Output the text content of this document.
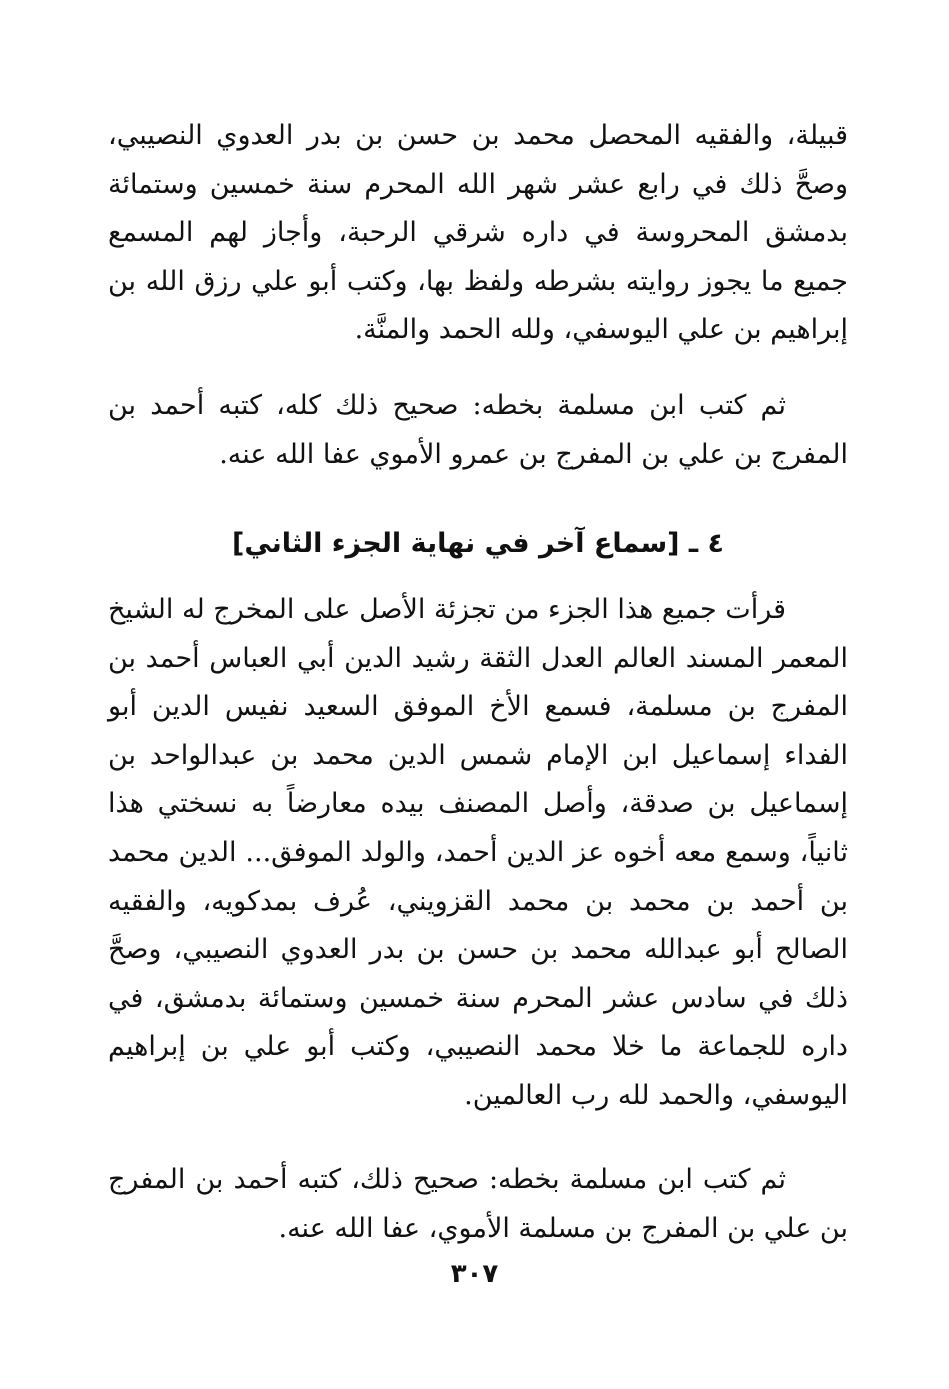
قبيلة، والفقيه المحصل محمد بن حسن بن بدر العدوي النصيبي، وصحَّ ذلك في رابع عشر شهر الله المحرم سنة خمسين وستمائة بدمشق المحروسة في داره شرقي الرحبة، وأجاز لهم المسمع جميع ما يجوز روايته بشرطه ولفظ بها، وكتب أبو علي رزق الله بن إبراهيم بن علي اليوسفي، ولله الحمد والمنَّة.

ثم كتب ابن مسلمة بخطه: صحيح ذلك كله، كتبه أحمد بن المفرج بن علي بن المفرج بن عمرو الأموي عفا الله عنه.

٤ ـ [سماع آخر في نهاية الجزء الثاني]

قرأت جميع هذا الجزء من تجزئة الأصل على المخرج له الشيخ المعمر المسند العالم العدل الثقة رشيد الدين أبي العباس أحمد بن المفرج بن مسلمة، فسمع الأخ الموفق السعيد نفيس الدين أبو الفداء إسماعيل ابن الإمام شمس الدين محمد بن عبدالواحد بن إسماعيل بن صدقة، وأصل المصنف بيده معارضاً به نسختي هذا ثانياً، وسمع معه أخوه عز الدين أحمد، والولد الموفق... الدين محمد بن أحمد بن محمد بن محمد القزويني، عُرف بمدكويه، والفقيه الصالح أبو عبدالله محمد بن حسن بن بدر العدوي النصيبي، وصحَّ ذلك في سادس عشر المحرم سنة خمسين وستمائة بدمشق، في داره للجماعة ما خلا محمد النصيبي، وكتب أبو علي بن إبراهيم اليوسفي، والحمد لله رب العالمين.

ثم كتب ابن مسلمة بخطه: صحيح ذلك، كتبه أحمد بن المفرج بن علي بن المفرج بن مسلمة الأموي، عفا الله عنه.

٣٠٧
